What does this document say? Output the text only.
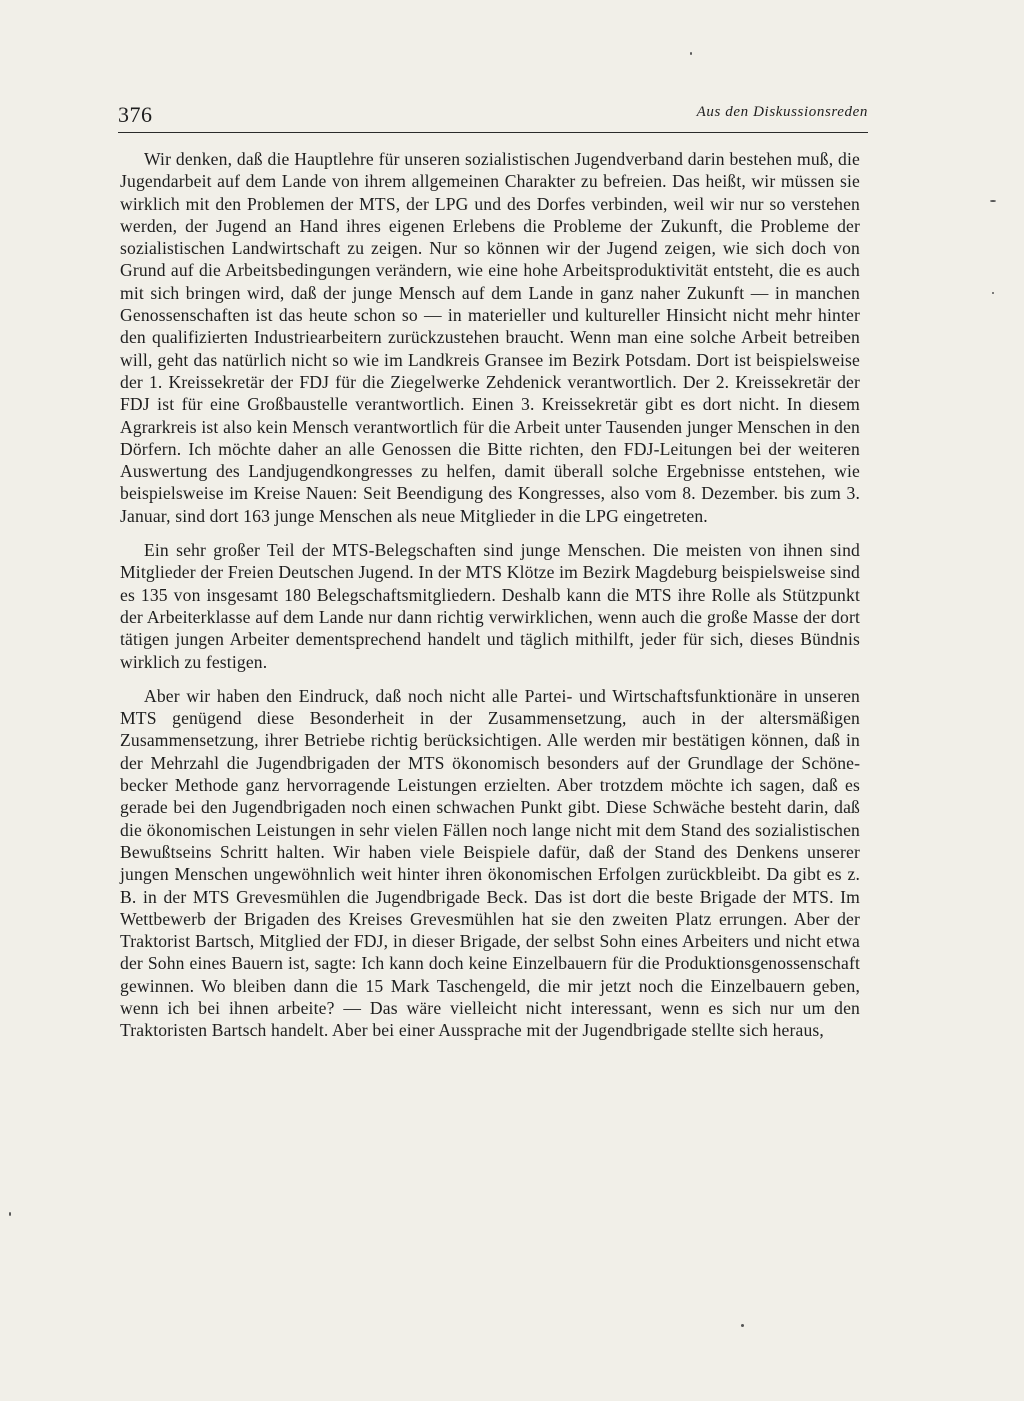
376	Aus den Diskussionsreden

Wir denken, daß die Hauptlehre für unseren sozialistischen Jugendverband darin bestehen muß, die Jugendarbeit auf dem Lande von ihrem allgemeinen Charakter zu befreien. Das heißt, wir müssen sie wirklich mit den Problemen der MTS, der LPG und des Dorfes verbinden, weil wir nur so verstehen werden, der Jugend an Hand ihres eigenen Erlebens die Probleme der Zukunft, die Probleme der sozialistischen Landwirtschaft zu zeigen. Nur so können wir der Jugend zeigen, wie sich doch von Grund auf die Arbeitsbedingungen verändern, wie eine hohe Arbeitsproduktivität entsteht, die es auch mit sich bringen wird, daß der junge Mensch auf dem Lande in ganz naher Zukunft — in manchen Genossenschaften ist das heute schon so — in materieller und kultureller Hinsicht nicht mehr hinter den qualifizierten Industriearbeitern zurückzustehen braucht. Wenn man eine solche Arbeit betreiben will, geht das natürlich nicht so wie im Landkreis Gransee im Bezirk Potsdam. Dort ist beispielsweise der 1. Kreissekretär der FDJ für die Ziegelwerke Zehdenick verantwortlich. Der 2. Kreissekretär der FDJ ist für eine Großbaustelle verantwortlich. Einen 3. Kreissekretär gibt es dort nicht. In diesem Agrarkreis ist also kein Mensch verantwortlich für die Arbeit unter Tausenden junger Menschen in den Dörfern. Ich möchte daher an alle Genossen die Bitte richten, den FDJ-Leitungen bei der weiteren Auswertung des Landjugendkongresses zu helfen, damit überall solche Ergebnisse entstehen, wie beispielsweise im Kreise Nauen: Seit Beendigung des Kongresses, also vom 8. Dezember. bis zum 3. Januar, sind dort 163 junge Menschen als neue Mitglieder in die LPG eingetreten.

Ein sehr großer Teil der MTS-Belegschaften sind junge Menschen. Die meisten von ihnen sind Mitglieder der Freien Deutschen Jugend. In der MTS Klötze im Bezirk Magdeburg beispielsweise sind es 135 von insgesamt 180 Belegschaftsmitgliedern. Deshalb kann die MTS ihre Rolle als Stützpunkt der Arbeiterklasse auf dem Lande nur dann richtig verwirklichen, wenn auch die große Masse der dort tätigen jungen Arbeiter dementsprechend handelt und täglich mithilft, jeder für sich, dieses Bündnis wirklich zu festigen.

Aber wir haben den Eindruck, daß noch nicht alle Partei- und Wirtschaftsfunktionäre in unseren MTS genügend diese Besonderheit in der Zusammensetzung, auch in der altersmäßigen Zusammensetzung, ihrer Betriebe richtig berücksichtigen. Alle werden mir bestätigen können, daß in der Mehrzahl die Jugendbrigaden der MTS ökonomisch besonders auf der Grundlage der Schönebecker Methode ganz hervorragende Leistungen erzielten. Aber trotzdem möchte ich sagen, daß es gerade bei den Jugendbrigaden noch einen schwachen Punkt gibt. Diese Schwäche besteht darin, daß die ökonomischen Leistungen in sehr vielen Fällen noch lange nicht mit dem Stand des sozialistischen Bewußtseins Schritt halten. Wir haben viele Beispiele dafür, daß der Stand des Denkens unserer jungen Menschen ungewöhnlich weit hinter ihren ökonomischen Erfolgen zurückbleibt. Da gibt es z. B. in der MTS Grevesmühlen die Jugendbrigade Beck. Das ist dort die beste Brigade der MTS. Im Wettbewerb der Brigaden des Kreises Grevesmühlen hat sie den zweiten Platz errungen. Aber der Traktorist Bartsch, Mitglied der FDJ, in dieser Brigade, der selbst Sohn eines Arbeiters und nicht etwa der Sohn eines Bauern ist, sagte: Ich kann doch keine Einzelbauern für die Produktionsgenossenschaft gewinnen. Wo bleiben dann die 15 Mark Taschengeld, die mir jetzt noch die Einzelbauern geben, wenn ich bei ihnen arbeite? — Das wäre vielleicht nicht interessant, wenn es sich nur um den Traktoristen Bartsch handelt. Aber bei einer Aussprache mit der Jugendbrigade stellte sich heraus,
